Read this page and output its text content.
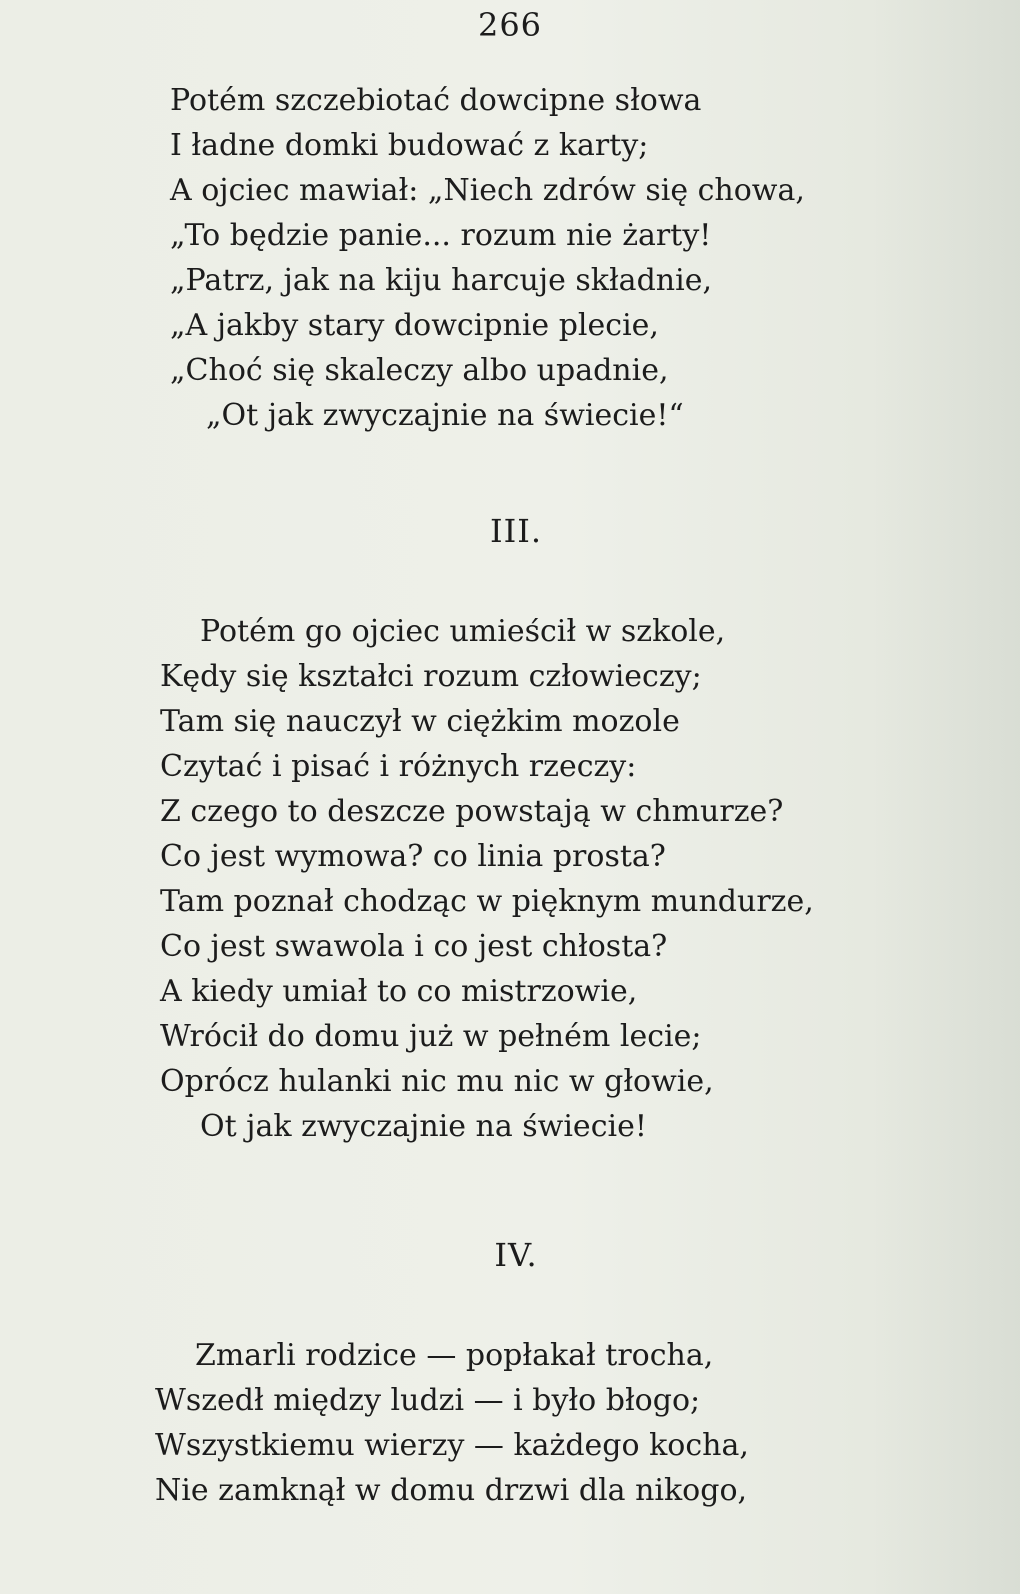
266
Potém szczebiotać dowcipne słowa
I ładne domki budować z karty;
A ojciec mawiał: „Niech zdrów się chowa,
„To będzie panie... rozum nie żarty!
„Patrz, jak na kiju harcuje składnie,
„A jakby stary dowcipnie plecie,
„Choć się skaleczy albo upadnie,
„Ot jak zwyczajnie na świecie!“
III.
Potém go ojciec umieścił w szkole,
Kędy się kształci rozum człowieczy;
Tam się nauczył w ciężkim mozole
Czytać i pisać i różnych rzeczy:
Z czego to deszcze powstają w chmurze?
Co jest wymowa? co linia prosta?
Tam poznał chodząc w pięknym mundurze,
Co jest swawola i co jest chłosta?
A kiedy umiał to co mistrzowie,
Wrócił do domu już w pełném lecie;
Oprócz hulanki nic mu nic w głowie,
Ot jak zwyczajnie na świecie!
IV.
Zmarli rodzice — popłakał trocha,
Wszedł między ludzi — i było błogo;
Wszystkiemu wierzy — każdego kocha,
Nie zamknął w domu drzwi dla nikogo,
